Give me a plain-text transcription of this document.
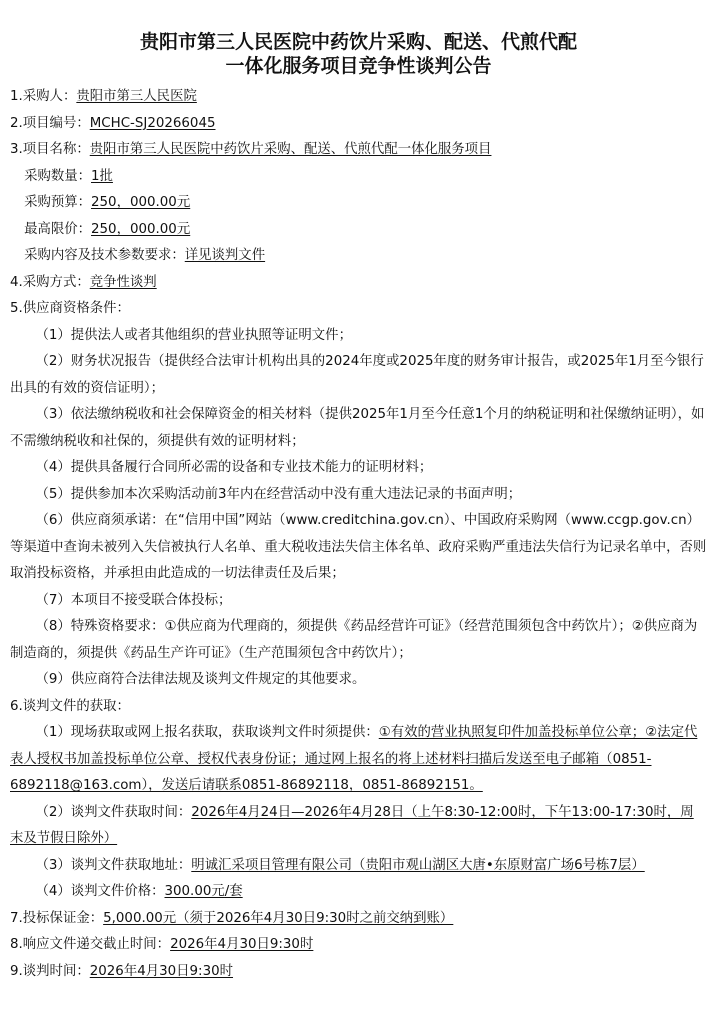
贵阳市第三人民医院中药饮片采购、配送、代煎代配
一体化服务项目竞争性谈判公告

1.采购人：贵阳市第三人民医院

2.项目编号：MCHC-SJ20266045

3.项目名称：贵阳市第三人民医院中药饮片采购、配送、代煎代配一体化服务项目

采购数量：1批

采购预算：250，000.00元

最高限价：250，000.00元

采购内容及技术参数要求：详见谈判文件

4.采购方式：竞争性谈判

5.供应商资格条件：

（1）提供法人或者其他组织的营业执照等证明文件；

（2）财务状况报告（提供经合法审计机构出具的2024年度或2025年度的财务审计报告，或2025年1月至今银行出具的有效的资信证明）；

（3）依法缴纳税收和社会保障资金的相关材料（提供2025年1月至今任意1个月的纳税证明和社保缴纳证明），如不需缴纳税收和社保的，须提供有效的证明材料；

（4）提供具备履行合同所必需的设备和专业技术能力的证明材料；

（5）提供参加本次采购活动前3年内在经营活动中没有重大违法记录的书面声明；

（6）供应商须承诺：在“信用中国”网站（www.creditchina.gov.cn）、中国政府采购网（www.ccgp.gov.cn）等渠道中查询未被列入失信被执行人名单、重大税收违法失信主体名单、政府采购严重违法失信行为记录名单中，否则取消投标资格，并承担由此造成的一切法律责任及后果；

（7）本项目不接受联合体投标；

（8）特殊资格要求：①供应商为代理商的，须提供《药品经营许可证》（经营范围须包含中药饮片）；②供应商为制造商的，须提供《药品生产许可证》（生产范围须包含中药饮片）；

（9）供应商符合法律法规及谈判文件规定的其他要求。

6.谈判文件的获取：

（1）现场获取或网上报名获取，获取谈判文件时须提供：①有效的营业执照复印件加盖投标单位公章；②法定代表人授权书加盖投标单位公章、授权代表身份证；通过网上报名的将上述材料扫描后发送至电子邮箱（0851-6892118@163.com），发送后请联系0851-86892118，0851-86892151。

（2）谈判文件获取时间：2026年4月24日—2026年4月28日（上午8:30-12:00时，下午13:00-17:30时，周末及节假日除外）

（3）谈判文件获取地址：明诚汇采项目管理有限公司（贵阳市观山湖区大唐•东原财富广场6号栋7层）

（4）谈判文件价格：300.00元/套

7.投标保证金：5,000.00元（须于2026年4月30日9:30时之前交纳到账）

8.响应文件递交截止时间：2026年4月30日9:30时

9.谈判时间：2026年4月30日9:30时
